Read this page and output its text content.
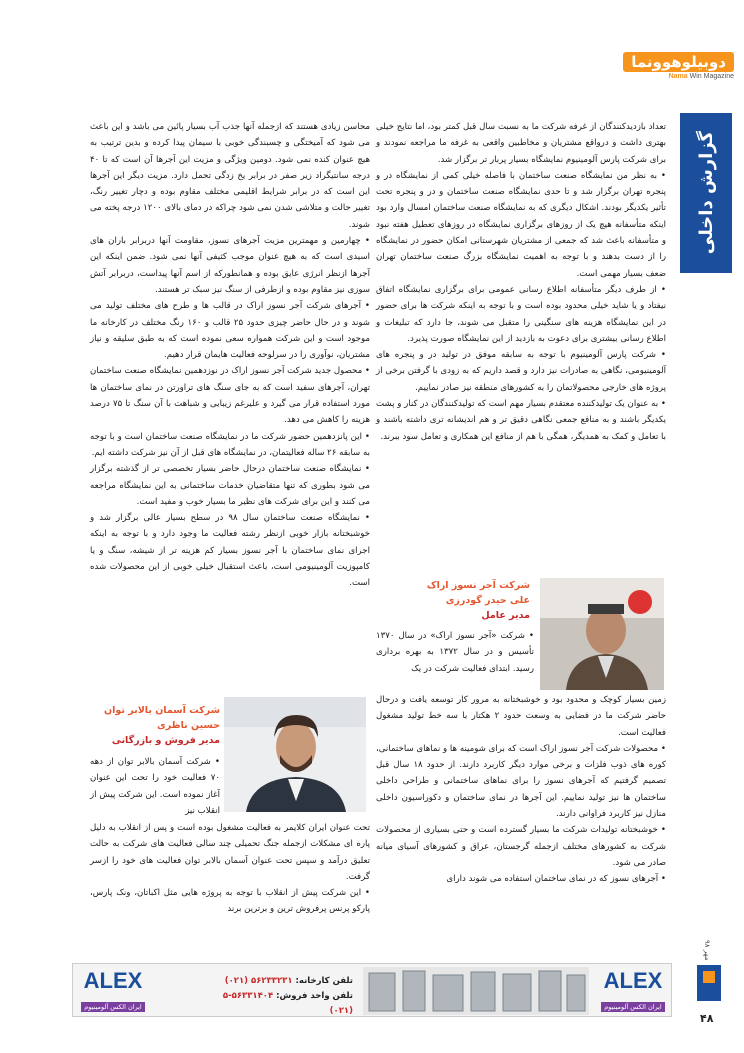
دوبیلوهوونما
Nama Win Magazine
گزارش داخلی

تعداد بازدیدکنندگان از غرفه شرکت ما به نسبت سال قبل کمتر بود، اما نتایج خیلی بهتری داشت و درواقع مشتریان و مخاطبین واقعی به غرفه ما مراجعه نمودند و برای شرکت پارس آلومینیوم نمایشگاه بسیار پربار تر برگزار شد.

• به نظر من نمایشگاه صنعت ساختمان با فاصله خیلی کمی از نمایشگاه در و پنجره تهران برگزار شد و تا حدی نمایشگاه صنعت ساختمان و در و پنجره تحت تأثیر یکدیگر بودند. اشکال دیگری که به نمایشگاه صنعت ساختمان امسال وارد بود اینکه متأسفانه هیچ یک از روزهای برگزاری نمایشگاه در روزهای تعطیل هفته نبود و متأسفانه باعث شد که جمعی از مشتریان شهرستانی امکان حضور در نمایشگاه را از دست بدهند و با توجه به اهمیت نمایشگاه بزرگ صنعت ساختمان تهران ضعف بسیار مهمی است.

• از طرف دیگر متأسفانه اطلاع رسانی عمومی برای برگزاری نمایشگاه اتفاق نیفتاد و یا شاید خیلی محدود بوده است و با توجه به اینکه شرکت ها برای حضور در این نمایشگاه هزینه های سنگینی را متقبل می شوند، جا دارد که تبلیغات و اطلاع رسانی بیشتری برای دعوت به بازدید از این نمایشگاه صورت پذیرد.

• شرکت پارس آلومینیوم با توجه به سابقه موفق در تولید در و پنجره های آلومینیومی، نگاهی به صادرات نیز دارد و قصد داریم که به زودی با گرفتن برخی از پروژه های خارجی محصولاتمان را به کشورهای منطقه نیز صادر نماییم.

• به عنوان یک تولیدکننده معتقدم بسیار مهم است که تولیدکنندگان در کنار و پشت یکدیگر باشند و به منافع جمعی نگاهی دقیق تر و هم اندیشانه تری داشته باشند و با تعامل و کمک به همدیگر، همگی با هم از منافع این همکاری و تعامل سود ببرند.

شرکت آجر نسوز اراک
علی حیدر گودرزی
مدیر عامل
• شرکت «آجر نسوز اراک» در سال ۱۳۷۰ تأسیس و در سال ۱۳۷۲ به بهره برداری رسید. ابتدای فعالیت شرکت در یک

زمین بسیار کوچک و محدود بود و خوشبختانه به مرور کار توسعه یافت و درحال حاضر شرکت ما در فضایی به وسعت حدود ۲ هکتار با سه خط تولید مشغول فعالیت است.

• محصولات شرکت آجر نسوز اراک است که برای شومینه ها و نماهای ساختمانی، کوره های ذوب فلزات و برخی موارد دیگر کاربرد دارند. از حدود ۱۸ سال قبل تصمیم گرفتیم که آجرهای نسوز را برای نماهای ساختمانی و طراحی داخلی ساختمان ها نیز تولید نماییم. این آجرها در نمای ساختمان و دکوراسیون داخلی منازل نیز کاربرد فراوانی دارند.

• خوشبختانه تولیدات شرکت ما بسیار گسترده است و حتی بسیاری از محصولات شرکت به کشورهای مختلف ازجمله گرجستان، عراق و کشورهای آسیای میانه صادر می شود.

• آجرهای نسوز که در نمای ساختمان استفاده می شوند دارای

محاسن زیادی هستند که ازجمله آنها جذب آب بسیار پائین می باشد و این باعث می شود که آمیختگی و چسبندگی خوبی با سیمان پیدا کرده و بدین ترتیب به هیچ عنوان کنده نمی شود. دومین ویژگی و مزیت این آجرها آن است که تا ۴۰ درجه سانتیگراد زیر صفر در برابر یخ زدگی تحمل دارد. مزیت دیگر این آجرها این است که در برابر شرایط اقلیمی مختلف مقاوم بوده و دچار تغییر رنگ، تغییر حالت و متلاشی شدن نمی شود چراکه در دمای بالای ۱۲۰۰ درجه پخته می شوند.

• چهارمین و مهمترین مزیت آجرهای نسوز، مقاومت آنها دربرابر باران های اسیدی است که به هیچ عنوان موجب کثیفی آنها نمی شود. ضمن اینکه این آجرها ازنظر انرژی عایق بوده و همانطورکه از اسم آنها پیداست، دربرابر آتش سوزی نیز مقاوم بوده و ازطرفی از سنگ نیز سبک تر هستند.

• آجرهای شرکت آجر نسوز اراک در قالب ها و طرح های مختلف تولید می شوند و در حال حاضر چیزی حدود ۲۵ قالب و ۱۶۰ رنگ مختلف در کارخانه ما موجود است و این شرکت همواره سعی نموده است که به طبق سلیقه و نیاز مشتریان، نوآوری را در سرلوحه فعالیت هایمان قرار دهیم.

• محصول جدید شرکت آجر نسوز اراک در نوزدهمین نمایشگاه صنعت ساختمان تهران، آجرهای سفید است که به جای سنگ های تراورتن در نمای ساختمان ها مورد استفاده قرار می گیرد و علیرغم زیبایی و شباهت با آن سنگ تا ۷۵ درصد هزینه را کاهش می دهد.

• این پانزدهمین حضور شرکت ما در نمایشگاه صنعت ساختمان است و با توجه به سابقه ۲۶ ساله فعالیتمان، در نمایشگاه های قبل از آن نیز شرکت داشته ایم.

• نمایشگاه صنعت ساختمان درحال حاضر بسیار تخصصی تر از گذشته برگزار می شود بطوری که تنها متقاضیان خدمات ساختمانی به این نمایشگاه مراجعه می کنند و این برای شرکت های نظیر ما بسیار خوب و مفید است.

• نمایشگاه صنعت ساختمان سال ۹۸ در سطح بسیار عالی برگزار شد و خوشبختانه بازار خوبی ازنظر رشته فعالیت ما وجود دارد و با توجه به اینکه اجرای نمای ساختمان با آجر نسوز بسیار کم هزینه تر از شیشه، سنگ و یا کامپوزیت آلومینیومی است، باعث استقبال خیلی خوبی از این محصولات شده است.

شرکت آسمان بالابر توان
حسین ناظری
مدیر فروش و بازرگانی
• شرکت آسمان بالابر توان از دهه ۷۰ فعالیت خود را تحت این عنوان آغاز نموده است. این شرکت پیش از انقلاب نیز

تحت عنوان ایران کلایمر به فعالیت مشغول بوده است و پس از انقلاب به دلیل پاره ای مشکلات ازجمله جنگ تحمیلی چند سالی فعالیت های شرکت به حالت تعلیق درآمد و سپس تحت عنوان آسمان بالابر توان فعالیت های خود را ازسر گرفت.

• این شرکت پیش از انقلاب با توجه به پروژه هایی مثل اکباتان، ونک پارس، پارکو پرنس پرفروش ترین و برترین برند

ALEX
ایران الکس آلومینیوم
تلفن کارخانه: ۵۶۲۳۳۲۳۱ (۰۲۱)
تلفن واحد فروش: ۵۶۳۳۱۴۰۴-۵ (۰۲۱)
ALEX
ایران الکس آلومینیوم
مهر ۹۸
۴۸
